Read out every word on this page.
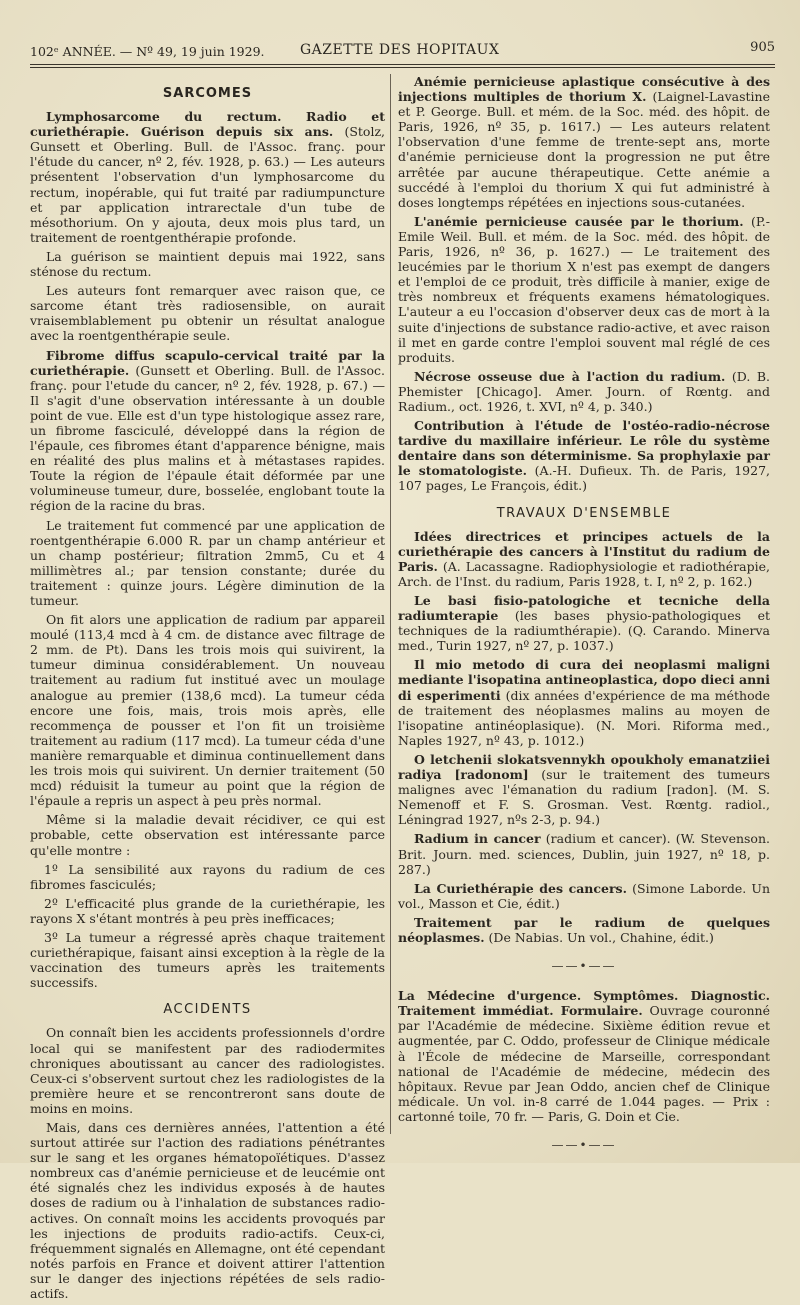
102ᵉ ANNÉE. — Nº 49, 19 juin 1929.	GAZETTE DES HOPITAUX	905
SARCOMES

Lymphosarcome du rectum. Radio et curiethérapie. Guérison depuis six ans. (Stolz, Gunsett et Oberling. Bull. de l'Assoc. franç. pour l'étude du cancer, nº 2, fév. 1928, p. 63.) — Les auteurs présentent l'observation d'un lymphosarcome du rectum, inopérable, qui fut traité par radiumpuncture et par application intrarectale d'un tube de mésothorium. On y ajouta, deux mois plus tard, un traitement de roentgenthérapie profonde.

La guérison se maintient depuis mai 1922, sans sténose du rectum.

Les auteurs font remarquer avec raison que, ce sarcome étant très radiosensible, on aurait vraisemblablement pu obtenir un résultat analogue avec la roentgenthérapie seule.

Fibrome diffus scapulo-cervical traité par la curiethérapie. (Gunsett et Oberling. Bull. de l'Assoc. franç. pour l'etude du cancer, nº 2, fév. 1928, p. 67.) — Il s'agit d'une observation intéressante à un double point de vue. Elle est d'un type histologique assez rare, un fibrome fasciculé, développé dans la région de l'épaule, ces fibromes étant d'apparence bénigne, mais en réalité des plus malins et à métastases rapides. Toute la région de l'épaule était déformée par une volumineuse tumeur, dure, bosselée, englobant toute la région de la racine du bras.

Le traitement fut commencé par une application de roentgenthérapie 6.000 R. par un champ antérieur et un champ postérieur; filtration 2mm5, Cu et 4 millimètres al.; par tension constante; durée du traitement : quinze jours. Légère diminution de la tumeur.

On fit alors une application de radium par appareil moulé (113,4 mcd à 4 cm. de distance avec filtrage de 2 mm. de Pt). Dans les trois mois qui suivirent, la tumeur diminua considérablement. Un nouveau traitement au radium fut institué avec un moulage analogue au premier (138,6 mcd). La tumeur céda encore une fois, mais, trois mois après, elle recommença de pousser et l'on fit un troisième traitement au radium (117 mcd). La tumeur céda d'une manière remarquable et diminua continuellement dans les trois mois qui suivirent. Un dernier traitement (50 mcd) réduisit la tumeur au point que la région de l'épaule a repris un aspect à peu près normal.

Même si la maladie devait récidiver, ce qui est probable, cette observation est intéressante parce qu'elle montre :

1º La sensibilité aux rayons du radium de ces fibromes fasciculés;

2º L'efficacité plus grande de la curiethérapie, les rayons X s'étant montrés à peu près inefficaces;

3º La tumeur a régressé après chaque traitement curiethérapique, faisant ainsi exception à la règle de la vaccination des tumeurs après les traitements successifs.

ACCIDENTS

On connaît bien les accidents professionnels d'ordre local qui se manifestent par des radiodermites chroniques aboutissant au cancer des radiologistes. Ceux-ci s'observent surtout chez les radiologistes de la première heure et se rencontreront sans doute de moins en moins.

Mais, dans ces dernières années, l'attention a été surtout attirée sur l'action des radiations pénétrantes sur le sang et les organes hématopoïétiques. D'assez nombreux cas d'anémie pernicieuse et de leucémie ont été signalés chez les individus exposés à de hautes doses de radium ou à l'inhalation de substances radio-actives. On connaît moins les accidents provoqués par les injections de produits radio-actifs. Ceux-ci, fréquemment signalés en Allemagne, ont été cependant notés parfois en France et doivent attirer l'attention sur le danger des injections répétées de sels radio-actifs.

Anémie pernicieuse aplastique consécutive à des injections multiples de thorium X. (Laignel-Lavastine et P. George. Bull. et mém. de la Soc. méd. des hôpit. de Paris, 1926, nº 35, p. 1617.) — Les auteurs relatent l'observation d'une femme de trente-sept ans, morte d'anémie pernicieuse dont la progression ne put être arrêtée par aucune thérapeutique. Cette anémie a succédé à l'emploi du thorium X qui fut administré à doses longtemps répétées en injections sous-cutanées.

L'anémie pernicieuse causée par le thorium. (P.-Emile Weil. Bull. et mém. de la Soc. méd. des hôpit. de Paris, 1926, nº 36, p. 1627.) — Le traitement des leucémies par le thorium X n'est pas exempt de dangers et l'emploi de ce produit, très difficile à manier, exige de très nombreux et fréquents examens hématologiques. L'auteur a eu l'occasion d'observer deux cas de mort à la suite d'injections de substance radio-active, et avec raison il met en garde contre l'emploi souvent mal réglé de ces produits.

Nécrose osseuse due à l'action du radium. (D. B. Phemister [Chicago]. Amer. Journ. of Rœntg. and Radium., oct. 1926, t. XVI, nº 4, p. 340.)

Contribution à l'étude de l'ostéo-radio-nécrose tardive du maxillaire inférieur. Le rôle du système dentaire dans son déterminisme. Sa prophylaxie par le stomatologiste. (A.-H. Dufieux. Th. de Paris, 1927, 107 pages, Le François, édit.)

TRAVAUX D'ENSEMBLE

Idées directrices et principes actuels de la curiethérapie des cancers à l'Institut du radium de Paris. (A. Lacassagne. Radiophysiologie et radiothérapie, Arch. de l'Inst. du radium, Paris 1928, t. I, nº 2, p. 162.)

Le basi fisio-patologiche et tecniche della radiumterapie (les bases physio-pathologiques et techniques de la radiumthérapie). (Q. Carando. Minerva med., Turin 1927, nº 27, p. 1037.)

Il mio metodo di cura dei neoplasmi maligni mediante l'isopatina antineoplastica, dopo dieci anni di esperimenti (dix années d'expérience de ma méthode de traitement des néoplasmes malins au moyen de l'isopatine antinéoplasique). (N. Mori. Riforma med., Naples 1927, nº 43, p. 1012.)

O letchenii slokatsvennykh opoukholy emanatziiei radiya [radonom] (sur le traitement des tumeurs malignes avec l'émanation du radium [radon]. (M. S. Nemenoff et F. S. Grosman. Vest. Rœntg. radiol., Léningrad 1927, nºs 2-3, p. 94.)

Radium in cancer (radium et cancer). (W. Stevenson. Brit. Journ. med. sciences, Dublin, juin 1927, nº 18, p. 287.)

La Curiethérapie des cancers. (Simone Laborde. Un vol., Masson et Cie, édit.)

Traitement par le radium de quelques néoplasmes. (De Nabias. Un vol., Chahine, édit.)

——•——

La Médecine d'urgence. Symptômes. Diagnostic. Traitement immédiat. Formulaire. Ouvrage couronné par l'Académie de médecine. Sixième édition revue et augmentée, par C. Oddo, professeur de Clinique médicale à l'École de médecine de Marseille, correspondant national de l'Académie de médecine, médecin des hôpitaux. Revue par Jean Oddo, ancien chef de Clinique médicale. Un vol. in-8 carré de 1.044 pages. — Prix : cartonné toile, 70 fr. — Paris, G. Doin et Cie.

——•——
